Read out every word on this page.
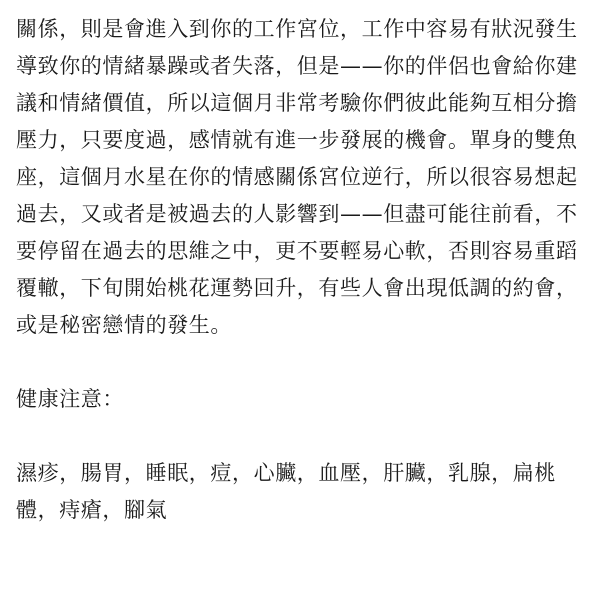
關係，則是會進入到你的工作宮位，工作中容易有狀況發生
導致你的情緒暴躁或者失落，但是——你的伴侶也會給你建
議和情緒價值，所以這個月非常考驗你們彼此能夠互相分擔
壓力，只要度過，感情就有進一步發展的機會。單身的雙魚
座，這個月水星在你的情感關係宮位逆行，所以很容易想起
過去，又或者是被過去的人影響到——但盡可能往前看，不
要停留在過去的思維之中，更不要輕易心軟，否則容易重蹈
覆轍，下旬開始桃花運勢回升，有些人會出現低調的約會，
或是秘密戀情的發生。
健康注意：
濕疹，腸胃，睡眠，痘，心臟，血壓，肝臟，乳腺，扁桃
體，痔瘡，腳氣
